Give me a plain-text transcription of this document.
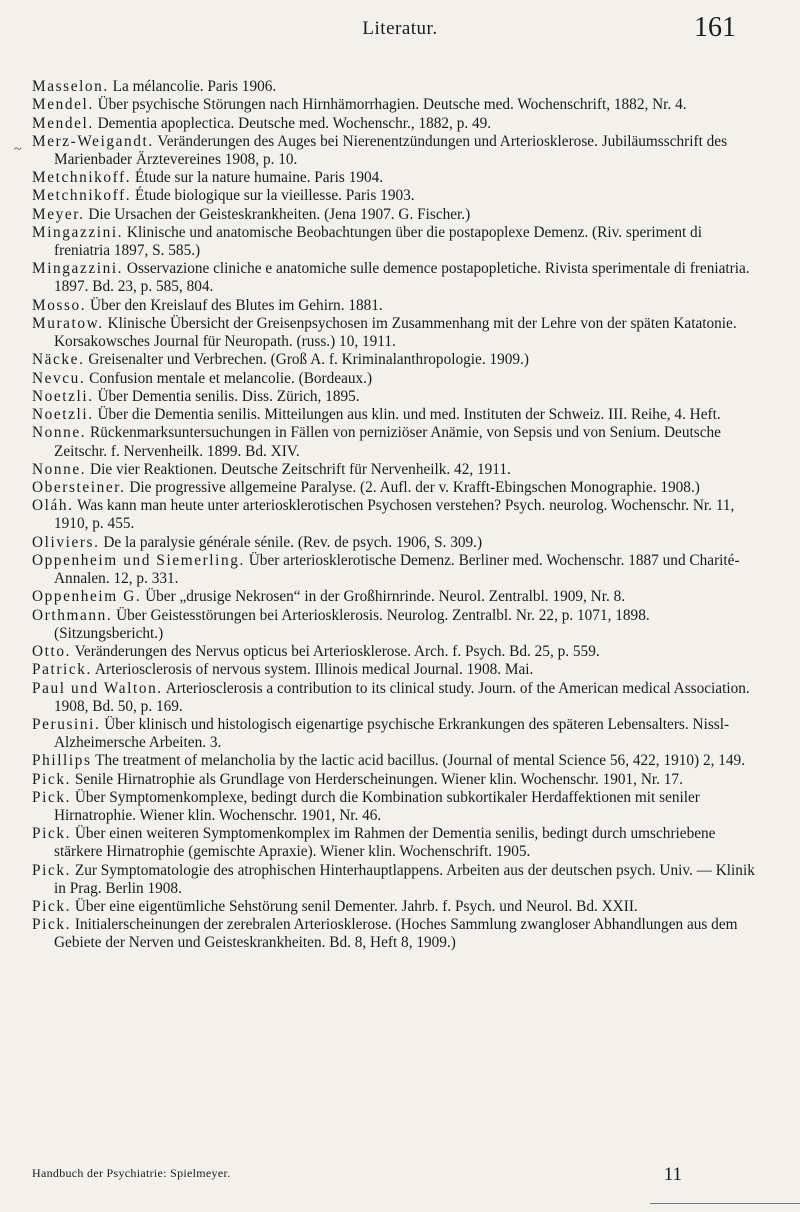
Literatur.	161
~
Masselon. La mélancolie. Paris 1906.
Mendel. Über psychische Störungen nach Hirnhämorrhagien. Deutsche med. Wochenschrift, 1882, Nr. 4.
Mendel. Dementia apoplectica. Deutsche med. Wochenschr., 1882, p. 49.
Merz-Weigandt. Veränderungen des Auges bei Nierenentzündungen und Arteriosklerose. Jubiläumsschrift des Marienbader Ärztevereines 1908, p. 10.
Metchnikoff. Étude sur la nature humaine. Paris 1904.
Metchnikoff. Étude biologique sur la vieillesse. Paris 1903.
Meyer. Die Ursachen der Geisteskrankheiten. (Jena 1907. G. Fischer.)
Mingazzini. Klinische und anatomische Beobachtungen über die postapoplexe Demenz. (Riv. speriment di freniatria 1897, S. 585.)
Mingazzini. Osservazione cliniche e anatomiche sulle demence postapopletiche. Rivista sperimentale di freniatria. 1897. Bd. 23, p. 585, 804.
Mosso. Über den Kreislauf des Blutes im Gehirn. 1881.
Muratow. Klinische Übersicht der Greisenpsychosen im Zusammenhang mit der Lehre von der späten Katatonie. Korsakowsches Journal für Neuropath. (russ.) 10, 1911.
Näcke. Greisenalter und Verbrechen. (Groß A. f. Kriminalanthropologie. 1909.)
Nevcu. Confusion mentale et melancolie. (Bordeaux.)
Noetzli. Über Dementia senilis. Diss. Zürich, 1895.
Noetzli. Über die Dementia senilis. Mitteilungen aus klin. und med. Instituten der Schweiz. III. Reihe, 4. Heft.
Nonne. Rückenmarksuntersuchungen in Fällen von perniziöser Anämie, von Sepsis und von Senium. Deutsche Zeitschr. f. Nervenheilk. 1899. Bd. XIV.
Nonne. Die vier Reaktionen. Deutsche Zeitschrift für Nervenheilk. 42, 1911.
Obersteiner. Die progressive allgemeine Paralyse. (2. Aufl. der v. Krafft-Ebingschen Monographie. 1908.)
Oláh. Was kann man heute unter arteriosklerotischen Psychosen verstehen? Psych. neurolog. Wochenschr. Nr. 11, 1910, p. 455.
Oliviers. De la paralysie générale sénile. (Rev. de psych. 1906, S. 309.)
Oppenheim und Siemerling. Über arteriosklerotische Demenz. Berliner med. Wochenschr. 1887 und Charité-Annalen. 12, p. 331.
Oppenheim G. Über „drusige Nekrosen“ in der Großhirnrinde. Neurol. Zentralbl. 1909, Nr. 8.
Orthmann. Über Geistesstörungen bei Arteriosklerosis. Neurolog. Zentralbl. Nr. 22, p. 1071, 1898. (Sitzungsbericht.)
Otto. Veränderungen des Nervus opticus bei Arteriosklerose. Arch. f. Psych. Bd. 25, p. 559.
Patrick. Arteriosclerosis of nervous system. Illinois medical Journal. 1908. Mai.
Paul und Walton. Arteriosclerosis a contribution to its clinical study. Journ. of the American medical Association. 1908, Bd. 50, p. 169.
Perusini. Über klinisch und histologisch eigenartige psychische Erkrankungen des späteren Lebensalters. Nissl-Alzheimersche Arbeiten. 3.
Phillips The treatment of melancholia by the lactic acid bacillus. (Journal of mental Science 56, 422, 1910) 2, 149.
Pick. Senile Hirnatrophie als Grundlage von Herderscheinungen. Wiener klin. Wochenschr. 1901, Nr. 17.
Pick. Über Symptomenkomplexe, bedingt durch die Kombination subkortikaler Herdaffektionen mit seniler Hirnatrophie. Wiener klin. Wochenschr. 1901, Nr. 46.
Pick. Über einen weiteren Symptomenkomplex im Rahmen der Dementia senilis, bedingt durch umschriebene stärkere Hirnatrophie (gemischte Apraxie). Wiener klin. Wochenschrift. 1905.
Pick. Zur Symptomatologie des atrophischen Hinterhauptlappens. Arbeiten aus der deutschen psych. Univ. — Klinik in Prag. Berlin 1908.
Pick. Über eine eigentümliche Sehstörung senil Dementer. Jahrb. f. Psych. und Neurol. Bd. XXII.
Pick. Initialerscheinungen der zerebralen Arteriosklerose. (Hoches Sammlung zwangloser Abhandlungen aus dem Gebiete der Nerven und Geisteskrankheiten. Bd. 8, Heft 8, 1909.)
Handbuch der Psychiatrie: Spielmeyer.	11
